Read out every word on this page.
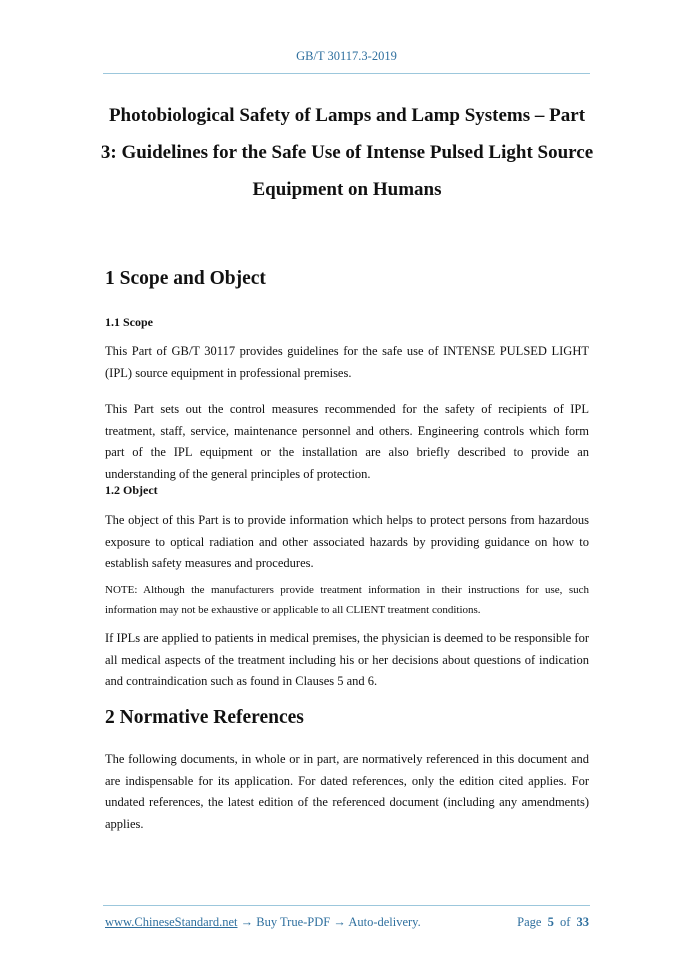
GB/T 30117.3-2019
Photobiological Safety of Lamps and Lamp Systems – Part 3: Guidelines for the Safe Use of Intense Pulsed Light Source Equipment on Humans
1 Scope and Object
1.1 Scope

This Part of GB/T 30117 provides guidelines for the safe use of INTENSE PULSED LIGHT (IPL) source equipment in professional premises.

This Part sets out the control measures recommended for the safety of recipients of IPL treatment, staff, service, maintenance personnel and others. Engineering controls which form part of the IPL equipment or the installation are also briefly described to provide an understanding of the general principles of protection.

1.2 Object

The object of this Part is to provide information which helps to protect persons from hazardous exposure to optical radiation and other associated hazards by providing guidance on how to establish safety measures and procedures.

NOTE: Although the manufacturers provide treatment information in their instructions for use, such information may not be exhaustive or applicable to all CLIENT treatment conditions.

If IPLs are applied to patients in medical premises, the physician is deemed to be responsible for all medical aspects of the treatment including his or her decisions about questions of indication and contraindication such as found in Clauses 5 and 6.

2 Normative References

The following documents, in whole or in part, are normatively referenced in this document and are indispensable for its application. For dated references, only the edition cited applies. For undated references, the latest edition of the referenced document (including any amendments) applies.

www.ChineseStandard.net → Buy True-PDF → Auto-delivery.	Page 5 of 33
